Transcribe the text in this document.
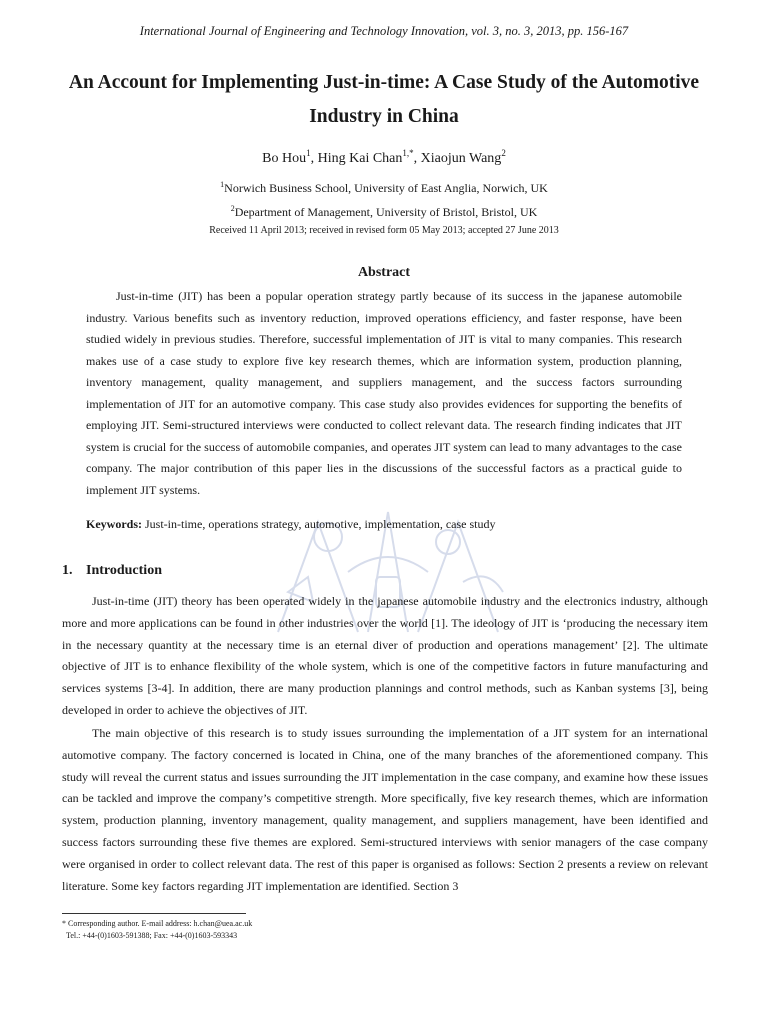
International Journal of Engineering and Technology Innovation, vol. 3, no. 3, 2013, pp. 156-167
An Account for Implementing Just-in-time: A Case Study of the Automotive Industry in China
Bo Hou$^1$, Hing Kai Chan$^{1,*}$, Xiaojun Wang$^2$
$^1$Norwich Business School, University of East Anglia, Norwich, UK
$^2$Department of Management, University of Bristol, Bristol, UK
Received 11 April 2013; received in revised form 05 May 2013; accepted 27 June 2013
Abstract

Just-in-time (JIT) has been a popular operation strategy partly because of its success in the japanese automobile industry. Various benefits such as inventory reduction, improved operations efficiency, and faster response, have been studied widely in previous studies. Therefore, successful implementation of JIT is vital to many companies. This research makes use of a case study to explore five key research themes, which are information system, production planning, inventory management, quality management, and suppliers management, and the success factors surrounding implementation of JIT for an automotive company. This case study also provides evidences for supporting the benefits of employing JIT. Semi-structured interviews were conducted to collect relevant data. The research finding indicates that JIT system is crucial for the success of automobile companies, and operates JIT system can lead to many advantages to the case company. The major contribution of this paper lies in the discussions of the successful factors as a practical guide to implement JIT systems.

Keywords: Just-in-time, operations strategy, automotive, implementation, case study
1. Introduction

Just-in-time (JIT) theory has been operated widely in the japanese automobile industry and the electronics industry, although more and more applications can be found in other industries over the world [1]. The ideology of JIT is ‘producing the necessary item in the necessary quantity at the necessary time is an eternal diver of production and operations management’ [2]. The ultimate objective of JIT is to enhance flexibility of the whole system, which is one of the competitive factors in future manufacturing and services systems [3-4]. In addition, there are many production plannings and control methods, such as Kanban systems [3], being developed in order to achieve the objectives of JIT.

The main objective of this research is to study issues surrounding the implementation of a JIT system for an international automotive company. The factory concerned is located in China, one of the many branches of the aforementioned company. This study will reveal the current status and issues surrounding the JIT implementation in the case company, and examine how these issues can be tackled and improve the company’s competitive strength. More specifically, five key research themes, which are information system, production planning, inventory management, quality management, and suppliers management, have been identified and success factors surrounding these five themes are explored. Semi-structured interviews with senior managers of the case company were organised in order to collect relevant data. The rest of this paper is organised as follows: Section 2 presents a review on relevant literature. Some key factors regarding JIT implementation are identified. Section 3

* Corresponding author. E-mail address: h.chan@uea.ac.uk
Tel.: +44-(0)1603-591388; Fax: +44-(0)1603-593343
